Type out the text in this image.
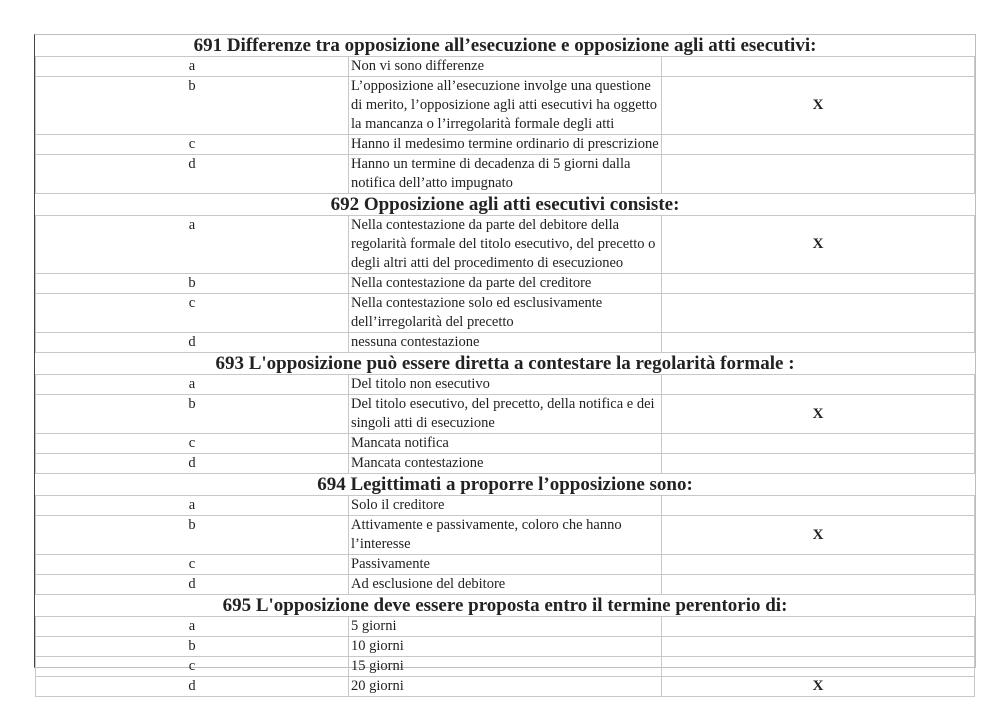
691 Differenze tra opposizione all’esecuzione e opposizione agli atti esecutivi:		
a	Non vi sono differenze	
b	L’opposizione all’esecuzione involge una questione di merito, l’opposizione agli atti esecutivi ha oggetto la mancanza o l’irregolarità formale degli atti	X
c	Hanno il medesimo termine ordinario di prescrizione	
d	Hanno un termine di decadenza di 5 giorni dalla notifica dell’atto impugnato	
692 Opposizione agli atti esecutivi consiste:		
a	Nella contestazione da parte del debitore della regolarità formale del titolo esecutivo, del precetto o degli altri atti del procedimento di esecuzioneo	X
b	Nella contestazione da parte del creditore	
c	Nella contestazione solo ed esclusivamente dell’irregolarità del precetto	
d	nessuna contestazione	
693 L'opposizione può essere diretta a contestare la regolarità formale :		
a	Del titolo non esecutivo	
b	Del titolo esecutivo, del precetto, della notifica e dei singoli atti di esecuzione	X
c	Mancata notifica	
d	Mancata contestazione	
694 Legittimati a proporre l’opposizione sono:		
a	Solo il creditore	
b	Attivamente e passivamente, coloro che hanno l’interesse	X
c	Passivamente	
d	Ad esclusione del debitore	
695 L'opposizione deve essere proposta entro il termine perentorio di:		
a	5 giorni	
b	10 giorni	
c	15 giorni	
d	20 giorni	X
